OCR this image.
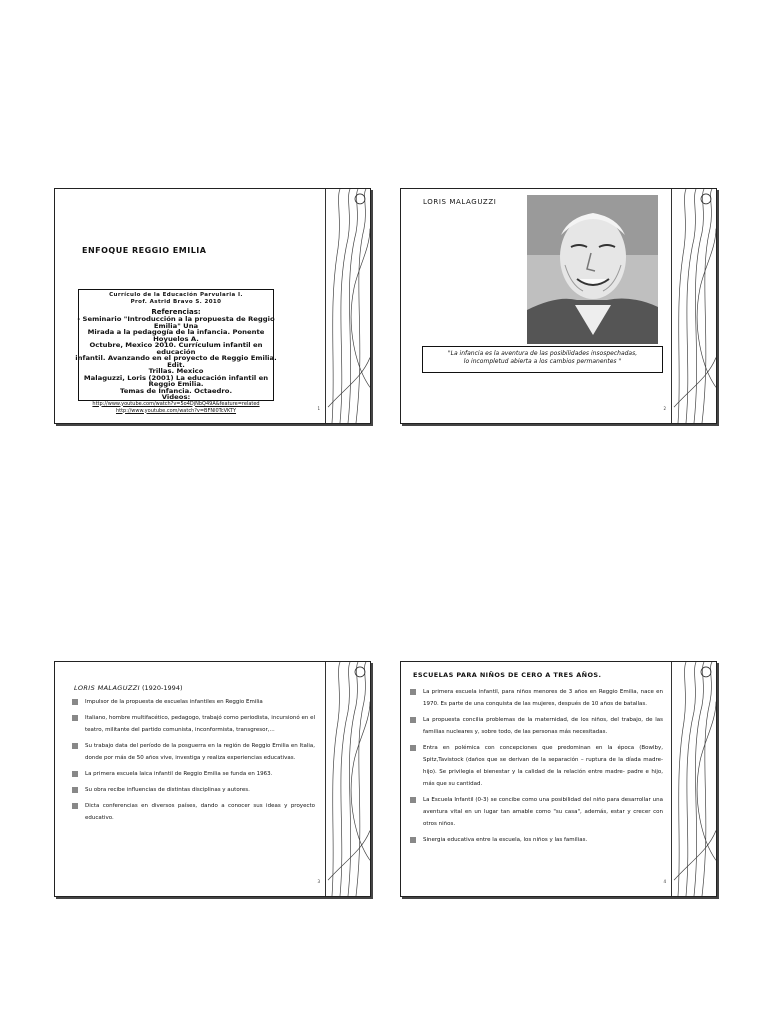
ENFOQUE REGGIO EMILIA
Currículo de la Educación Parvularia I.
Prof. Astrid Bravo S. 2010
Referencias:
- Seminario "Introducción a la propuesta de Reggio Emilia" Una
Mirada a la pedagogía de la infancia. Ponente Hoyuelos A.
Octubre, Mexico 2010. Currículum infantil en educación
infantil. Avanzando en el proyecto de Reggio Emilia. Edit.
Trillas. Mexico
Malaguzzi, Loris (2001) La educación infantil en Reggio Emilia.
Temas de Infancia. Octaedro.
Videos:
http://www.youtube.com/watch?v=5o4DjNbQ49A&feature=related
http://www.youtube.com/watch?v=BFNl0TcVKTY	1
LORIS MALAGUZZI
"La infancia es la aventura de las posibilidades insospechadas,
lo incompletud abierta a los cambios permanentes "
2
LORIS MALAGUZZI (1920-1994)
Impulsor de la propuesta de escuelas infantiles en Reggio Emilia
Italiano, hombre multifacético, pedagogo, trabajó como periodista, incursionó en el teatro, militante del partido comunista, inconformista, transgresor,...
Su trabajo data del período de la posguerra en la región de Reggio Emilia en Italia, donde por más de 50 años vive, investiga y realiza experiencias educativas.
La primera escuela laica infantil de Reggio Emilia se funda en 1963.
Su obra recibe influencias de distintas disciplinas y autores.
Dicta conferencias en diversos países, dando a conocer sus ideas y proyecto educativo.
3
ESCUELAS PARA NIÑOS DE CERO A TRES AÑOS.
La primera escuela infantil, para niños menores de 3 años en Reggio Emilia, nace en 1970. Es parte de una conquista de las mujeres, después de 10 años de batallas.
La propuesta concilia problemas de la maternidad, de los niños, del trabajo, de las familias nucleares y, sobre todo, de las personas más necesitadas.
Entra en polémica con concepciones que predominan en la época (Bowlby, Spitz,Tavistock (daños que se derivan de la separación – ruptura de la díada madre-hijo). Se privilegia el bienestar y la calidad de la relación entre madre- padre e hijo, más que su cantidad.
La Escuela Infantil (0-3) se concibe como una posibilidad del niño para desarrollar una aventura vital en un lugar tan amable como "su casa", además, estar y crecer con otros niños.
Sinergia educativa entre la escuela, los niños y las familias.
4
